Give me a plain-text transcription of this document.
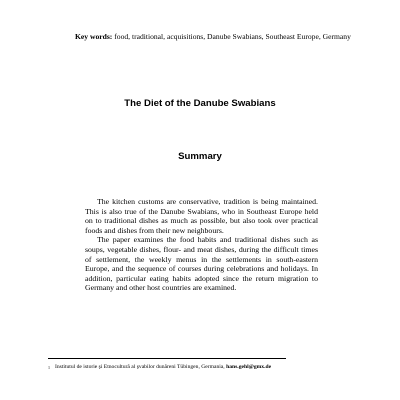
Key words: food, traditional, acquisitions, Danube Swabians, Southeast Europe, Germany
The Diet of the Danube Swabians
Summary

The kitchen customs are conservative, tradition is being maintained. This is also true of the Danube Swabians, who in Southeast Europe held on to traditional dishes as much as possible, but also took over practical foods and dishes from their new neighbours.

The paper examines the food habits and traditional dishes such as soups, vegetable dishes, flour- and meat dishes, during the difficult times of settlement, the weekly menus in the settlements in south-eastern Europe, and the sequence of courses during celebrations and holidays. In addition, particular eating habits adopted since the return migration to Germany and other host countries are examined.

$^1$ Institutul de istorie şi Etnocultură al şvabilor dunăreni Tübingen, Germania, hans.gehl@gmx.de
